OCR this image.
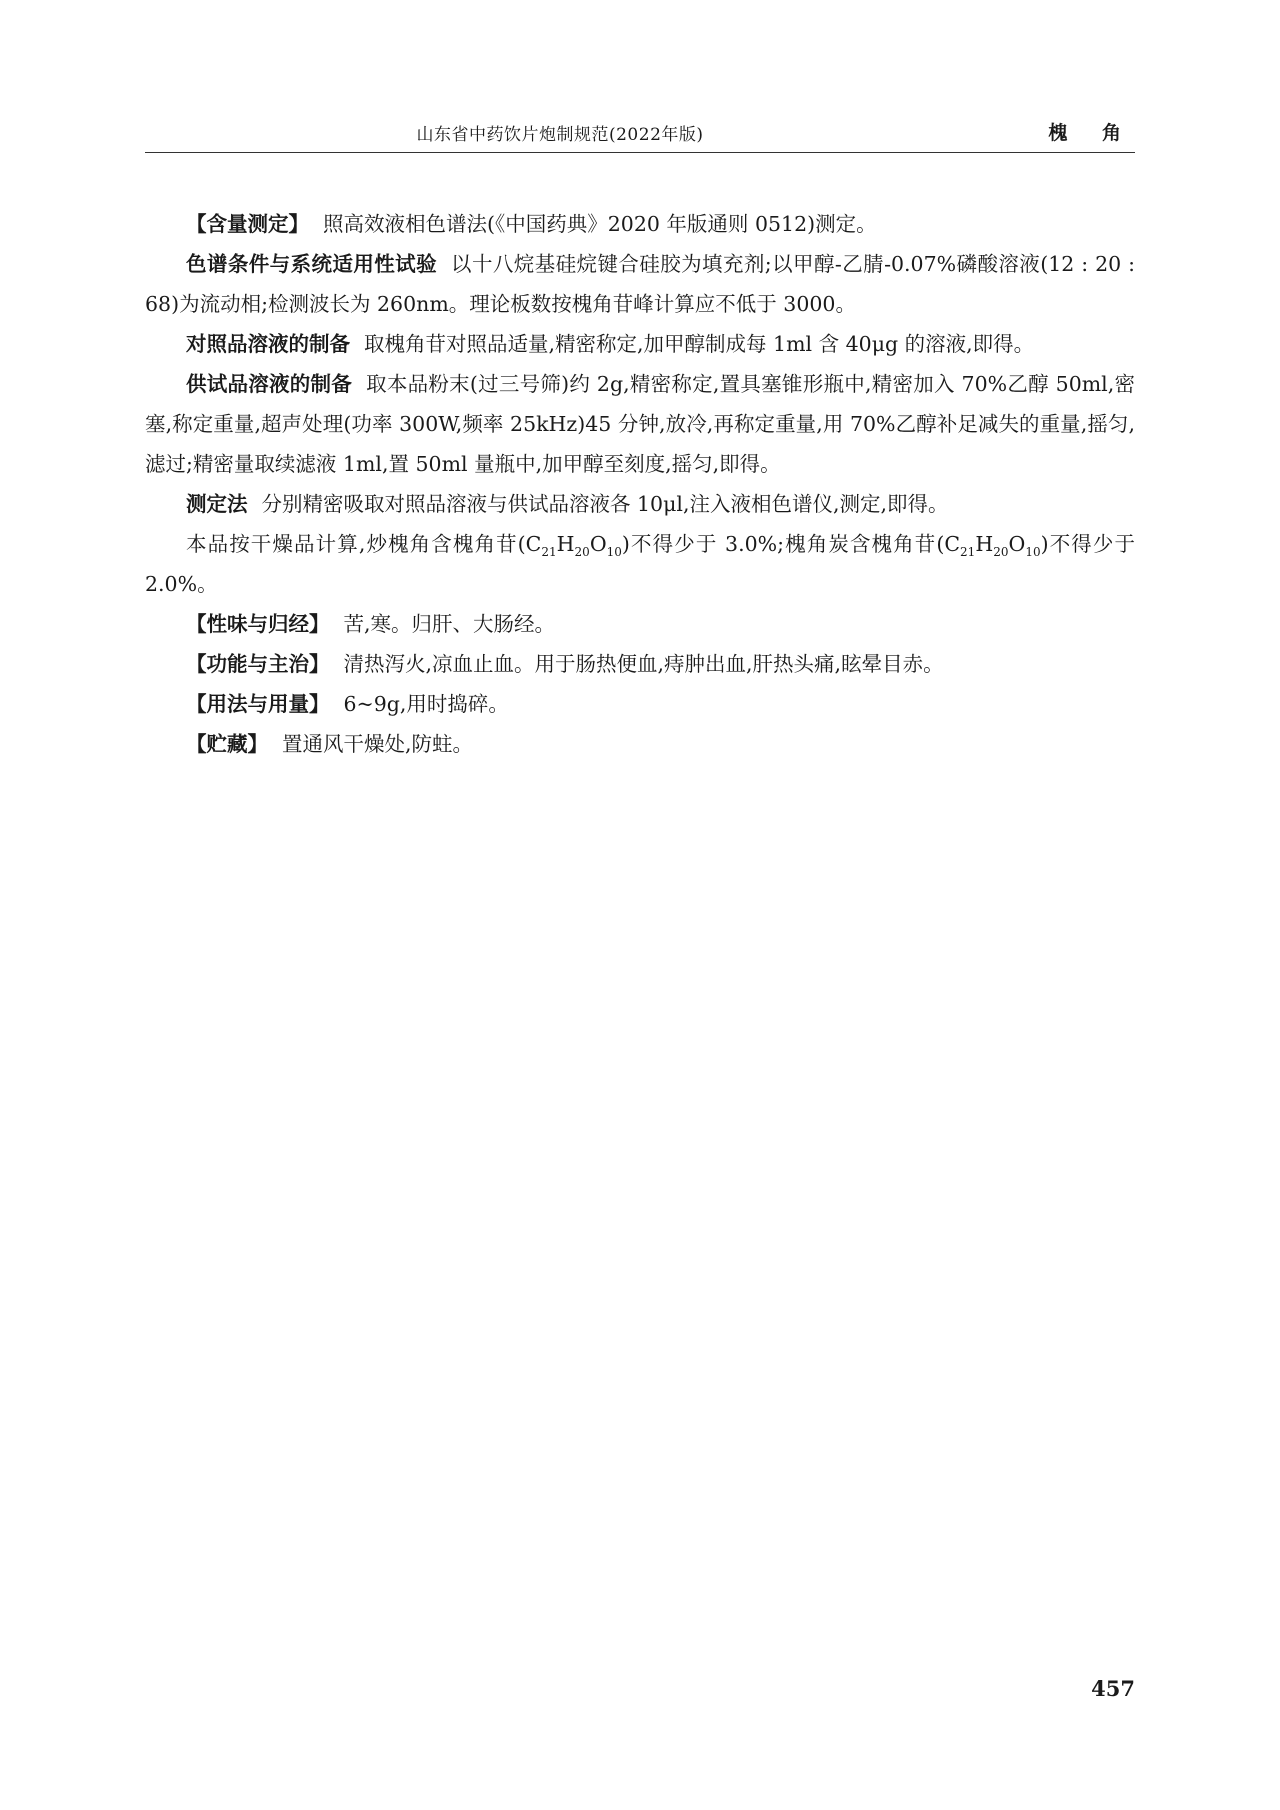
山东省中药饮片炮制规范(2022年版)	槐 角

【含量测定】 照高效液相色谱法(《中国药典》2020 年版通则 0512)测定。

色谱条件与系统适用性试验 以十八烷基硅烷键合硅胶为填充剂;以甲醇-乙腈-0.07%磷酸溶液(12 : 20 : 68)为流动相;检测波长为 260nm。理论板数按槐角苷峰计算应不低于 3000。

对照品溶液的制备 取槐角苷对照品适量,精密称定,加甲醇制成每 1ml 含 40μg 的溶液,即得。

供试品溶液的制备 取本品粉末(过三号筛)约 2g,精密称定,置具塞锥形瓶中,精密加入 70%乙醇 50ml,密塞,称定重量,超声处理(功率 300W,频率 25kHz)45 分钟,放冷,再称定重量,用 70%乙醇补足减失的重量,摇匀,滤过;精密量取续滤液 1ml,置 50ml 量瓶中,加甲醇至刻度,摇匀,即得。

测定法 分别精密吸取对照品溶液与供试品溶液各 10μl,注入液相色谱仪,测定,即得。

本品按干燥品计算,炒槐角含槐角苷$(C_{21}H_{20}O_{10})$不得少于 3.0%;槐角炭含槐角苷$(C_{21}H_{20}O_{10})$不得少于 2.0%。

【性味与归经】 苦,寒。归肝、大肠经。

【功能与主治】 清热泻火,凉血止血。用于肠热便血,痔肿出血,肝热头痛,眩晕目赤。

【用法与用量】 6~9g,用时捣碎。

【贮藏】 置通风干燥处,防蛀。

457
